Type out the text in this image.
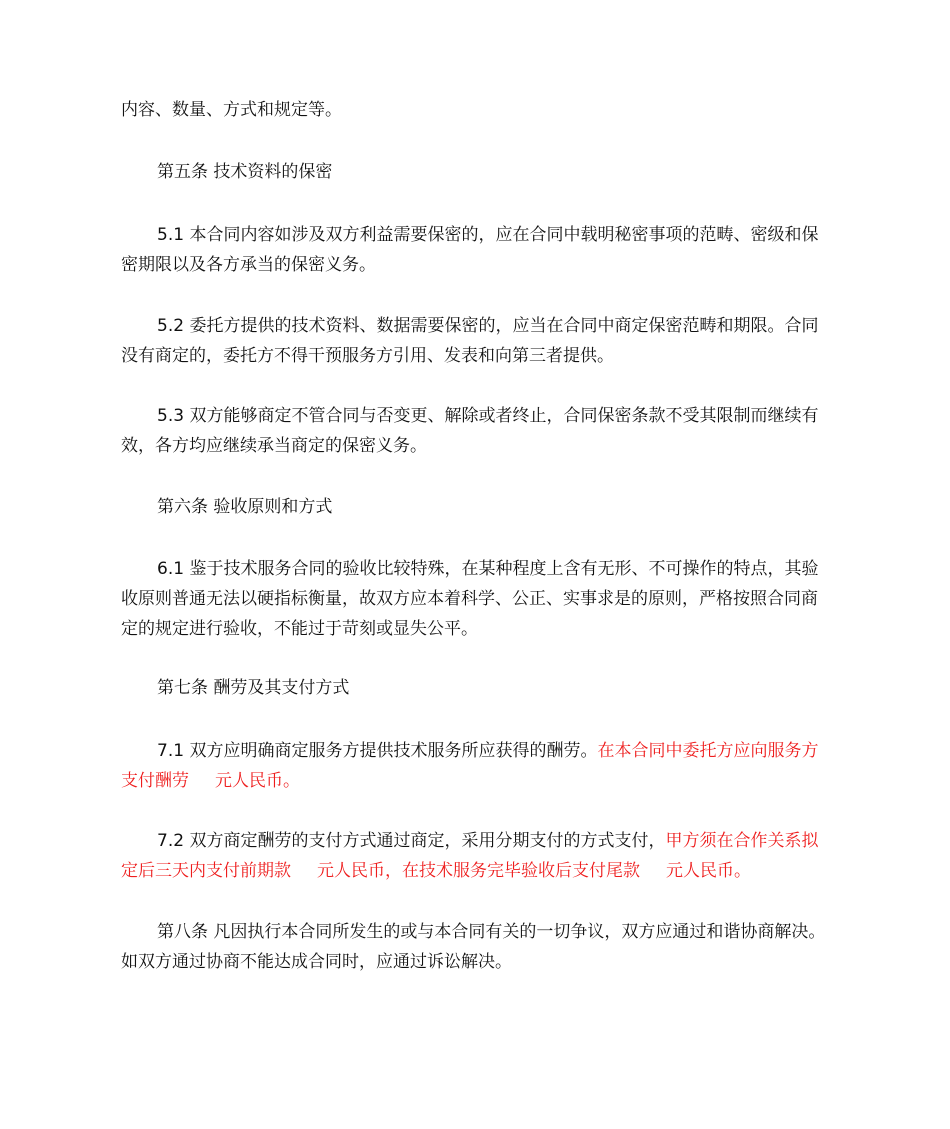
内容、数量、方式和规定等。

第五条 技术资料的保密

5.1 本合同内容如涉及双方利益需要保密的，应在合同中载明秘密事项的范畴、密级和保密期限以及各方承当的保密义务。

5.2 委托方提供的技术资料、数据需要保密的，应当在合同中商定保密范畴和期限。合同没有商定的，委托方不得干预服务方引用、发表和向第三者提供。

5.3 双方能够商定不管合同与否变更、解除或者终止，合同保密条款不受其限制而继续有效，各方均应继续承当商定的保密义务。

第六条 验收原则和方式

6.1 鉴于技术服务合同的验收比较特殊，在某种程度上含有无形、不可操作的特点，其验收原则普通无法以硬指标衡量，故双方应本着科学、公正、实事求是的原则，严格按照合同商定的规定进行验收，不能过于苛刻或显失公平。

第七条 酬劳及其支付方式

7.1 双方应明确商定服务方提供技术服务所应获得的酬劳。在本合同中委托方应向服务方支付酬劳 元人民币。

7.2 双方商定酬劳的支付方式通过商定，采用分期支付的方式支付，甲方须在合作关系拟定后三天内支付前期款 元人民币，在技术服务完毕验收后支付尾款 元人民币。

第八条 凡因执行本合同所发生的或与本合同有关的一切争议，双方应通过和谐协商解决。如双方通过协商不能达成合同时，应通过诉讼解决。
